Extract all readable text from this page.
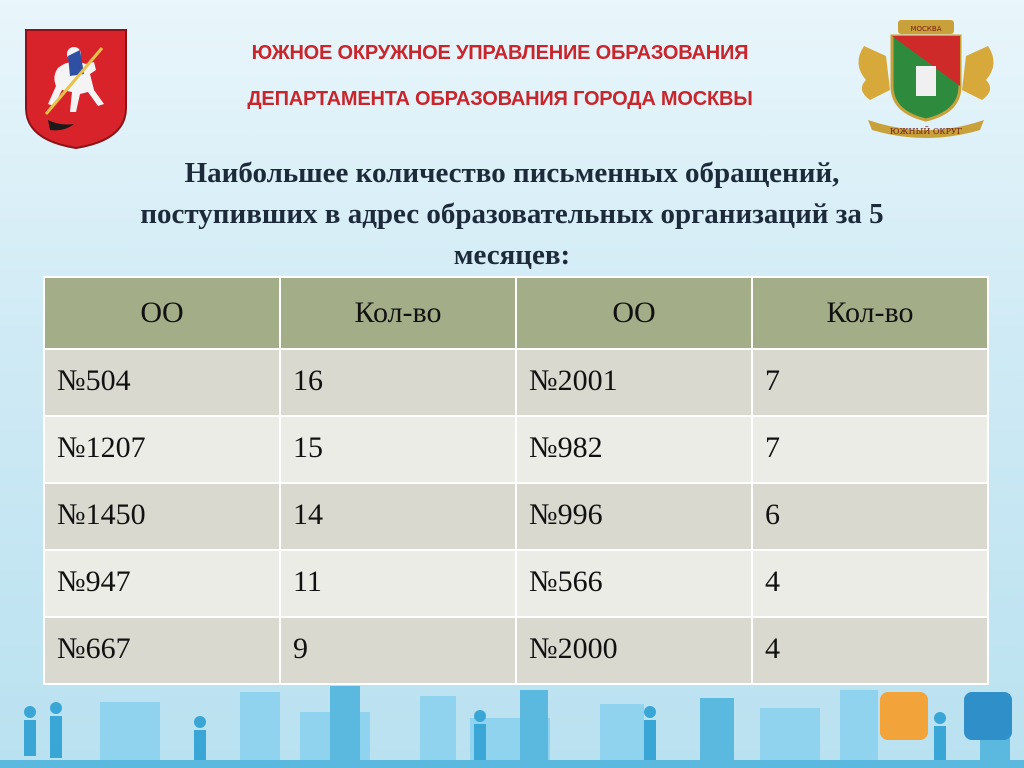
ЮЖНОЕ ОКРУЖНОЕ УПРАВЛЕНИЕ ОБРАЗОВАНИЯ
ДЕПАРТАМЕНТА ОБРАЗОВАНИЯ ГОРОДА МОСКВЫ
МОСКВА
ЮЖНЫЙ ОКРУГ
Наибольшее количество письменных обращений,
поступивших в адрес образовательных организаций за 5
месяцев:
ОО	Кол-во	ОО	Кол-во
№504	16	№2001	7
№1207	15	№982	7
№1450	14	№996	6
№947	11	№566	4
№667	9	№2000	4
